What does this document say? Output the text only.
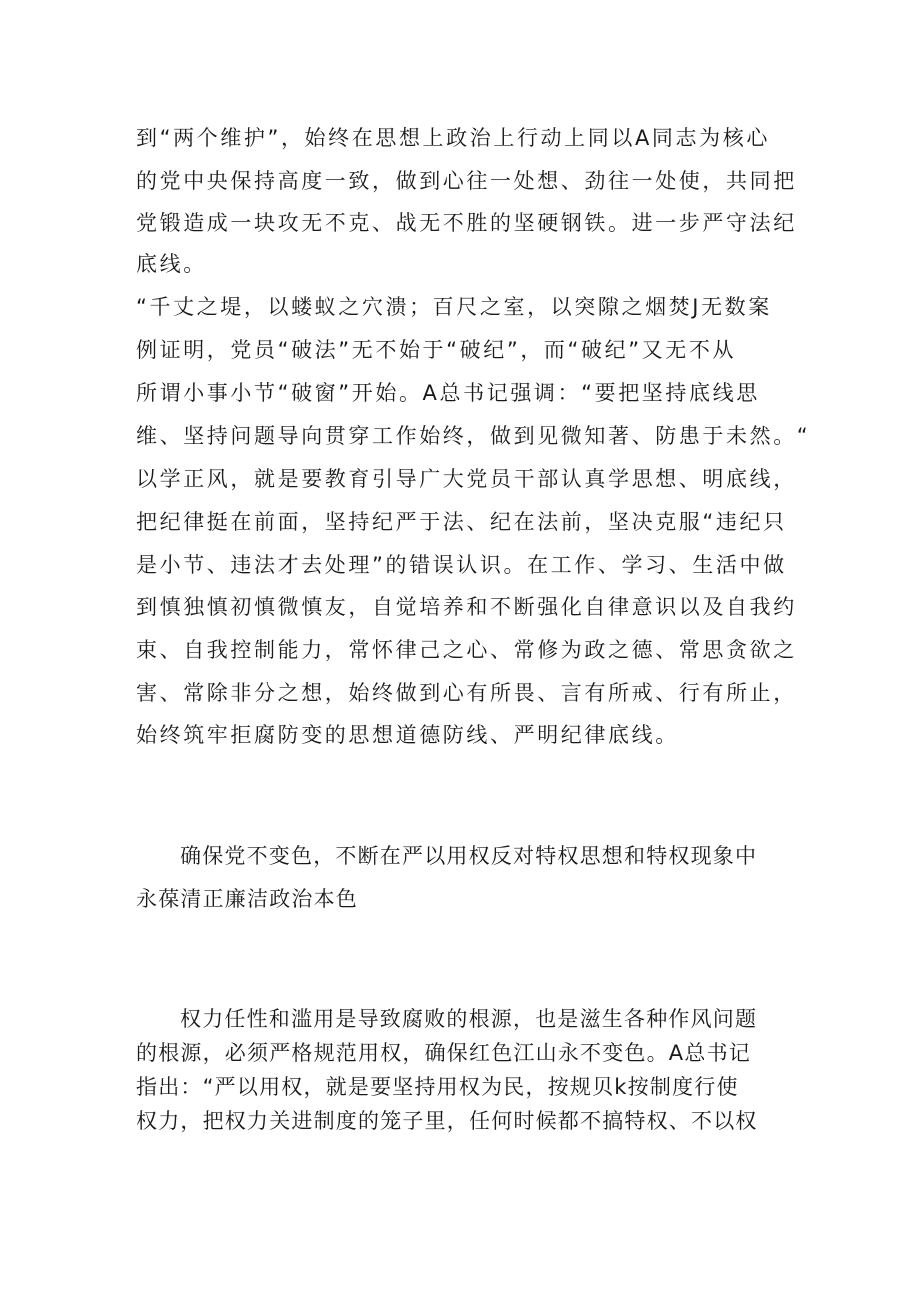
到“两个维护”，始终在思想上政治上行动上同以A同志为核心
的党中央保持高度一致，做到心往一处想、劲往一处使，共同把
党锻造成一块攻无不克、战无不胜的坚硬钢铁。进一步严守法纪
底线。
“千丈之堤，以蝼蚁之穴溃；百尺之室，以突隙之烟焚J无数案
例证明，党员“破法”无不始于“破纪”，而“破纪”又无不从
所谓小事小节“破窗”开始。A总书记强调：“要把坚持底线思
维、坚持问题导向贯穿工作始终，做到见微知著、防患于未然。“
以学正风，就是要教育引导广大党员干部认真学思想、明底线，
把纪律挺在前面，坚持纪严于法、纪在法前，坚决克服“违纪只
是小节、违法才去处理”的错误认识。在工作、学习、生活中做
到慎独慎初慎微慎友，自觉培养和不断强化自律意识以及自我约
束、自我控制能力，常怀律己之心、常修为政之德、常思贪欲之
害、常除非分之想，始终做到心有所畏、言有所戒、行有所止，
始终筑牢拒腐防变的思想道德防线、严明纪律底线。
确保党不变色，不断在严以用权反对特权思想和特权现象中
永葆清正廉洁政治本色
权力任性和滥用是导致腐败的根源，也是滋生各种作风问题
的根源，必须严格规范用权，确保红色江山永不变色。A总书记
指出：“严以用权，就是要坚持用权为民，按规贝k按制度行使
权力，把权力关进制度的笼子里，任何时候都不搞特权、不以权
